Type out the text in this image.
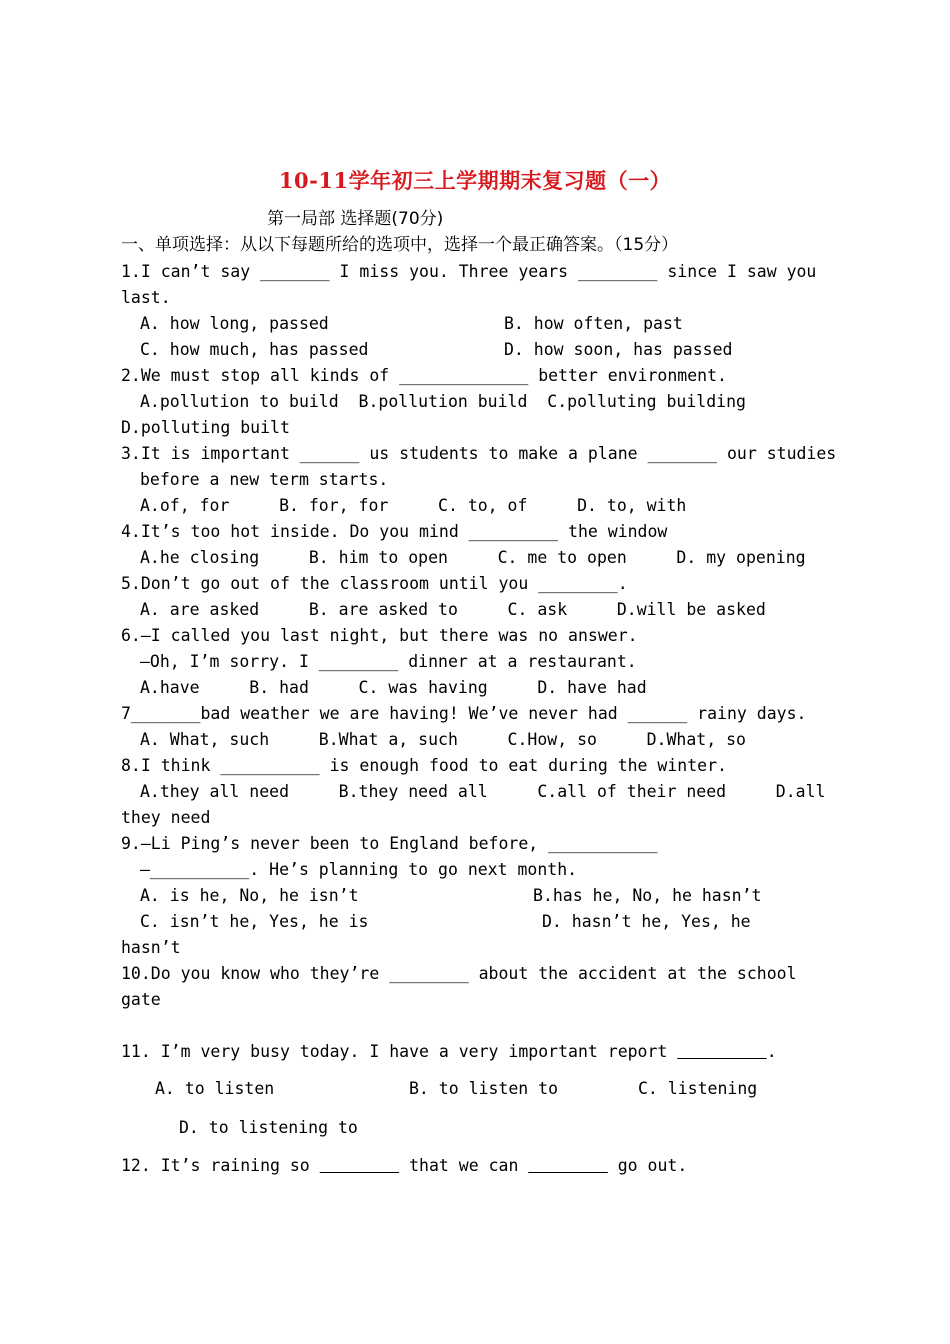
10-11学年初三上学期期末复习题（一）
第一局部 选择题(70分)
一、单项选择：从以下每题所给的选项中，选择一个最正确答案。（15分）
1.I can’t say _______ I miss you. Three years ________ since I saw you
last.
A. how long, passed	B. how often, past
C. how much, has passed	D. how soon, has passed
2.We must stop all kinds of _____________ better environment.
A.pollution to build  B.pollution build  C.polluting building
D.polluting built
3.It is important ______ us students to make a plane _______ our studies
before a new term starts.
A.of, for     B. for, for     C. to, of     D. to, with
4.It’s too hot inside. Do you mind _________ the window
A.he closing     B. him to open     C. me to open     D. my opening
5.Don’t go out of the classroom until you ________.
A. are asked     B. are asked to     C. ask     D.will be asked
6.—I called you last night, but there was no answer.
—Oh, I’m sorry. I ________ dinner at a restaurant.
A.have     B. had     C. was having     D. have had
7_______bad weather we are having! We’ve never had ______ rainy days.
A. What, such     B.What a, such     C.How, so     D.What, so
8.I think __________ is enough food to eat during the winter.
A.they all need     B.they need all     C.all of their need     D.all
they need
9.—Li Ping’s never been to England before, ___________
—__________. He’s planning to go next month.
A. is he, No, he isn’t	B.has he, No, he hasn’t
C. isn’t he, Yes, he is	D. hasn’t he, Yes, he
hasn’t
10.Do you know who they’re ________ about the accident at the school
gate
11. I’m very busy today. I have a very important report	.
A. to listen	B. to listen to	C. listening
D. to listening to
12. It’s raining so	that we can	go out.
